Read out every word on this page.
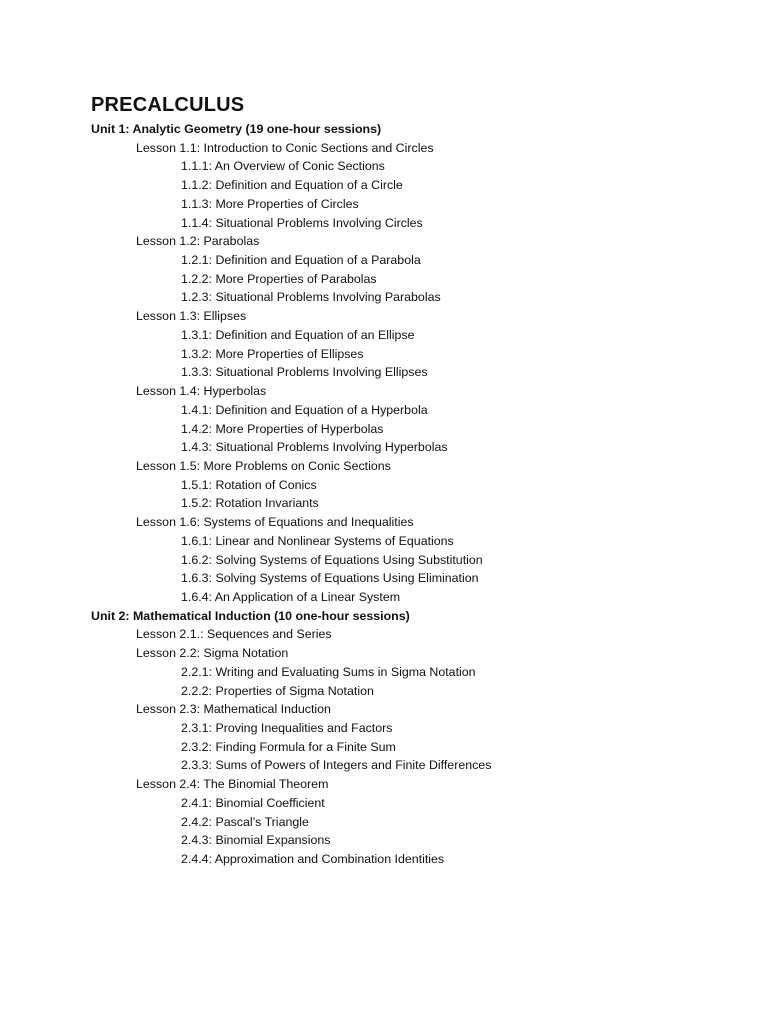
PRECALCULUS
Unit 1: Analytic Geometry (19 one-hour sessions)
Lesson 1.1: Introduction to Conic Sections and Circles
1.1.1: An Overview of Conic Sections
1.1.2: Definition and Equation of a Circle
1.1.3: More Properties of Circles
1.1.4: Situational Problems Involving Circles
Lesson 1.2: Parabolas
1.2.1: Definition and Equation of a Parabola
1.2.2: More Properties of Parabolas
1.2.3: Situational Problems Involving Parabolas
Lesson 1.3: Ellipses
1.3.1: Definition and Equation of an Ellipse
1.3.2: More Properties of Ellipses
1.3.3: Situational Problems Involving Ellipses
Lesson 1.4: Hyperbolas
1.4.1: Definition and Equation of a Hyperbola
1.4.2: More Properties of Hyperbolas
1.4.3: Situational Problems Involving Hyperbolas
Lesson 1.5: More Problems on Conic Sections
1.5.1: Rotation of Conics
1.5.2: Rotation Invariants
Lesson 1.6: Systems of Equations and Inequalities
1.6.1: Linear and Nonlinear Systems of Equations
1.6.2: Solving Systems of Equations Using Substitution
1.6.3: Solving Systems of Equations Using Elimination
1.6.4: An Application of a Linear System
Unit 2: Mathematical Induction (10 one-hour sessions)
Lesson 2.1.: Sequences and Series
Lesson 2.2: Sigma Notation
2.2.1: Writing and Evaluating Sums in Sigma Notation
2.2.2: Properties of Sigma Notation
Lesson 2.3: Mathematical Induction
2.3.1: Proving Inequalities and Factors
2.3.2: Finding Formula for a Finite Sum
2.3.3: Sums of Powers of Integers and Finite Differences
Lesson 2.4: The Binomial Theorem
2.4.1: Binomial Coefficient
2.4.2: Pascal’s Triangle
2.4.3: Binomial Expansions
2.4.4: Approximation and Combination Identities
